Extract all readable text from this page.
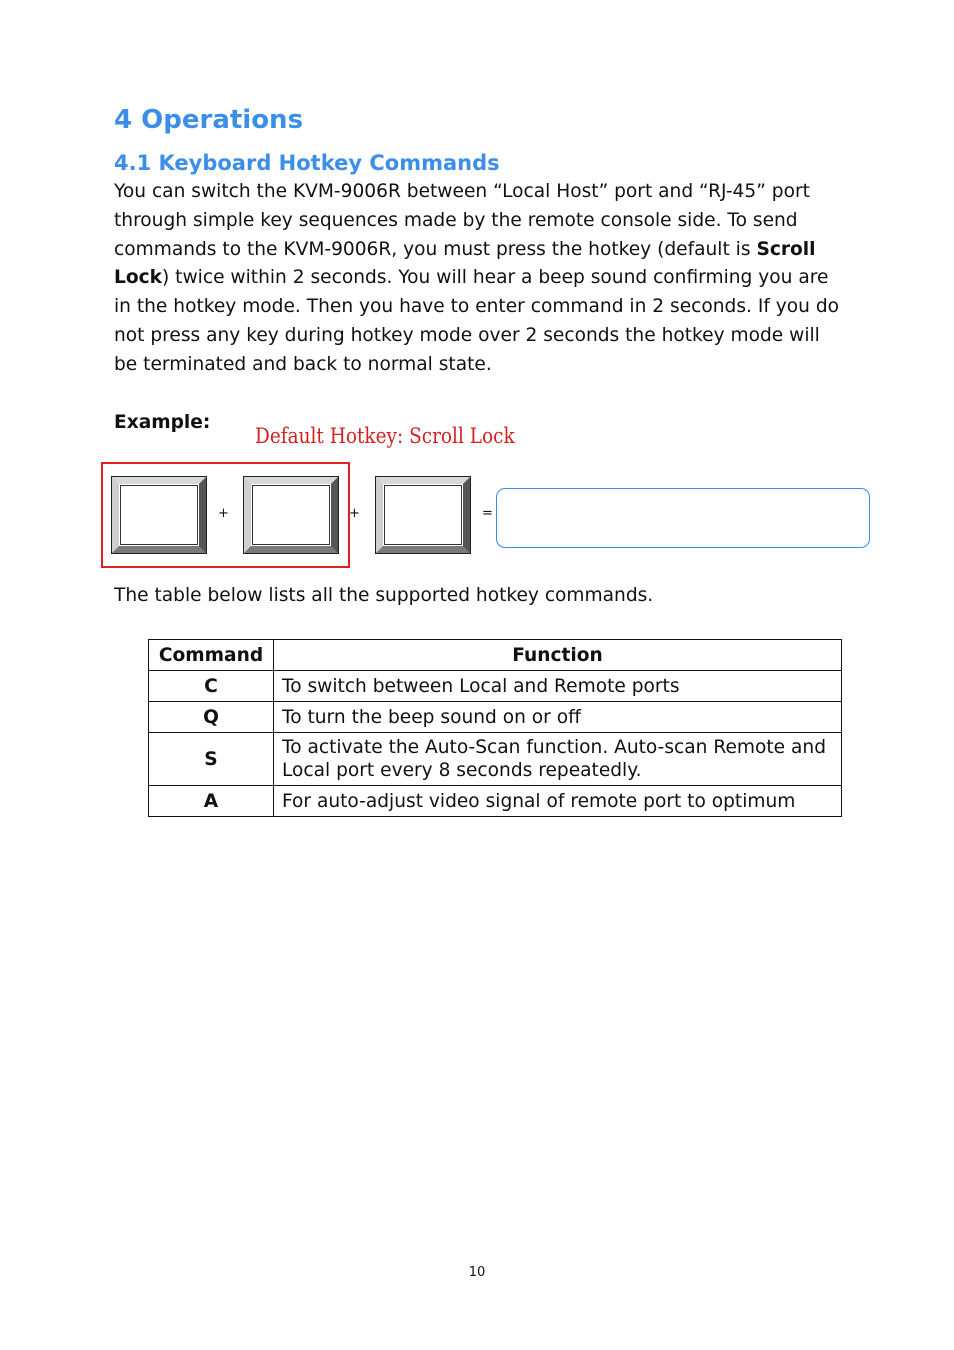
4 Operations
4.1 Keyboard Hotkey Commands

You can switch the KVM-9006R between “Local Host” port and “RJ-45” port through simple key sequences made by the remote console side. To send commands to the KVM-9006R, you must press the hotkey (default is Scroll Lock) twice within 2 seconds. You will hear a beep sound confirming you are in the hotkey mode. Then you have to enter command in 2 seconds. If you do not press any key during hotkey mode over 2 seconds the hotkey mode will be terminated and back to normal state.

Example:

Default Hotkey: Scroll Lock

+	+	=

The table below lists all the supported hotkey commands.

Command	Function
C	To switch between Local and Remote ports
Q	To turn the beep sound on or off
S	To activate the Auto-Scan function. Auto-scan Remote and Local port every 8 seconds repeatedly.
A	For auto-adjust video signal of remote port to optimum

10
